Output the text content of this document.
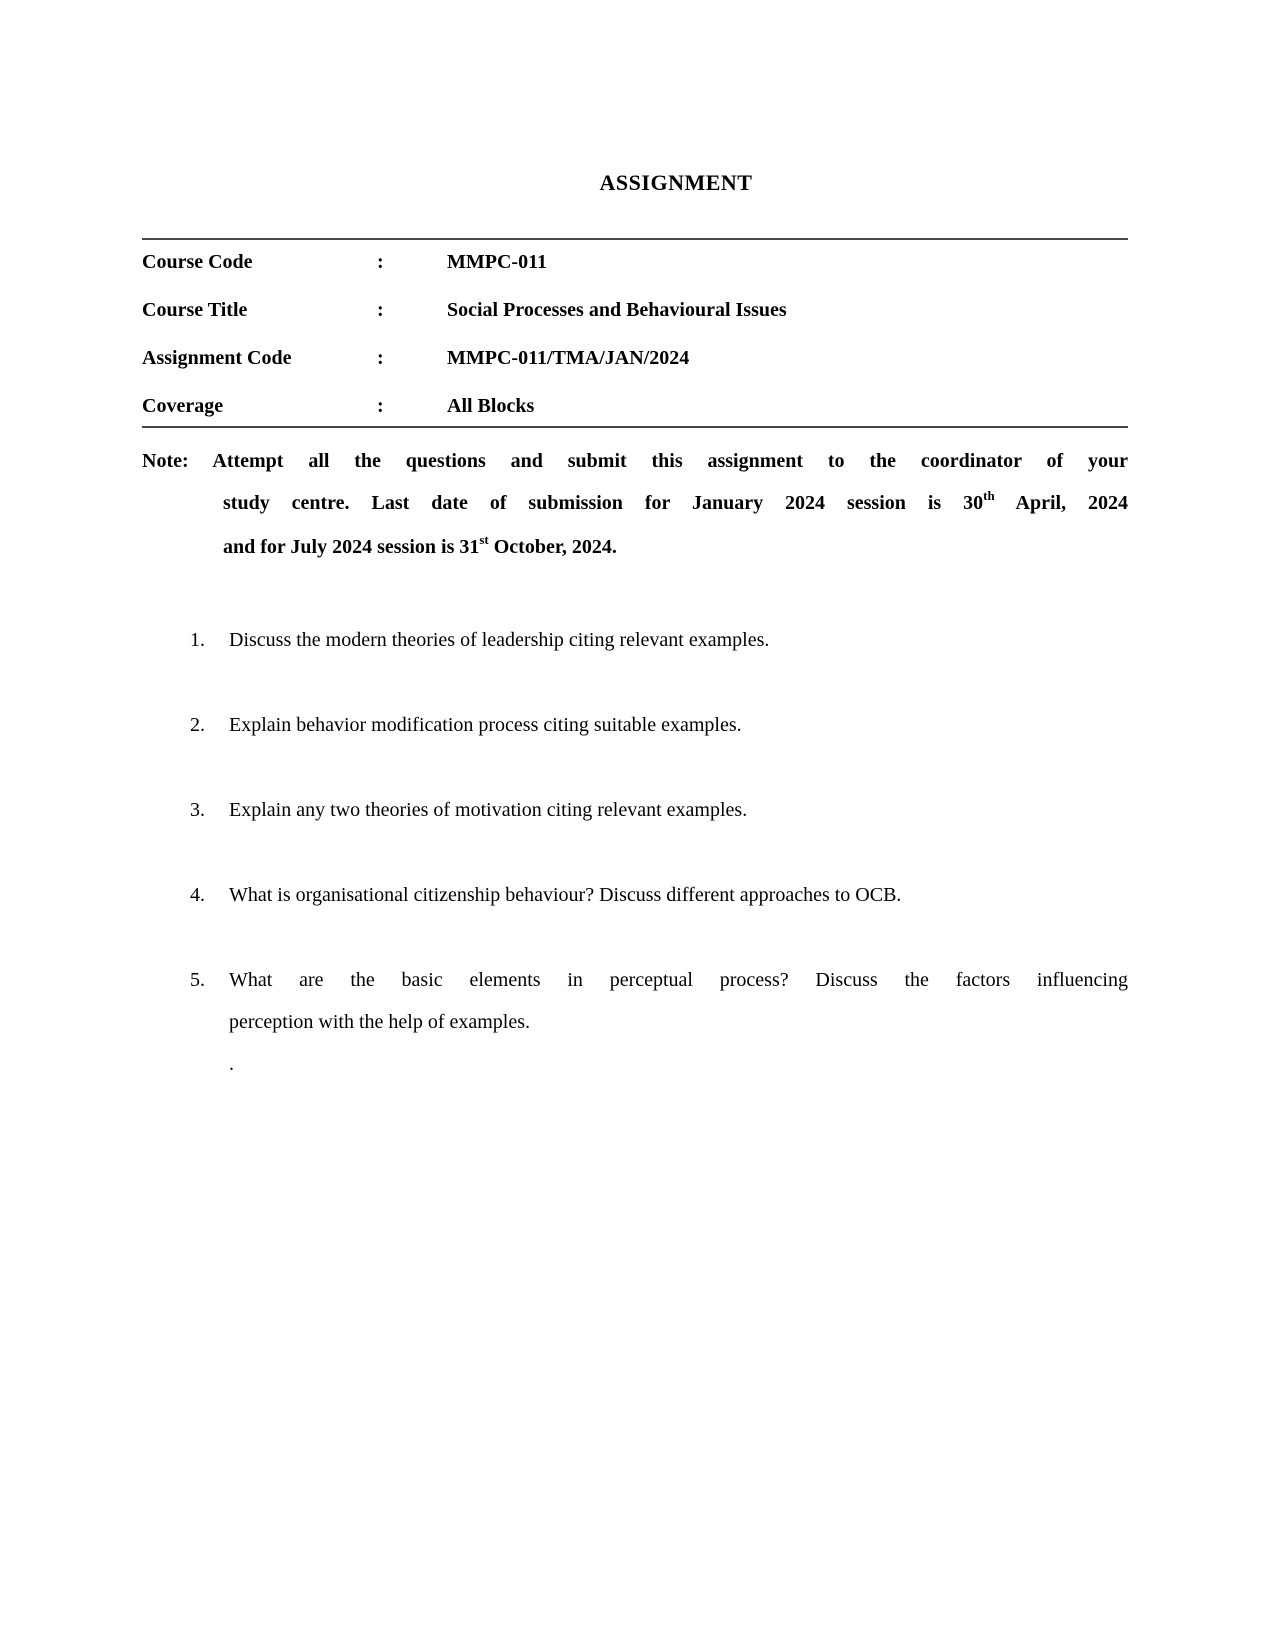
ASSIGNMENT
Course Code	:	MMPC-011
Course Title	:	Social Processes and Behavioural Issues
Assignment Code	:	MMPC-011/TMA/JAN/2024
Coverage	:	All Blocks
Note: Attempt all the questions and submit this assignment to the coordinator of your
study centre. Last date of submission for January 2024 session is 30th April, 2024
and for July 2024 session is 31st October, 2024.
1.	Discuss the modern theories of leadership citing relevant examples.
2.	Explain behavior modification process citing suitable examples.
3.	Explain any two theories of motivation citing relevant examples.
4.	What is organisational citizenship behaviour? Discuss different approaches to OCB.
5.	What are the basic elements in perceptual process? Discuss the factors influencing
perception with the help of examples.
.
